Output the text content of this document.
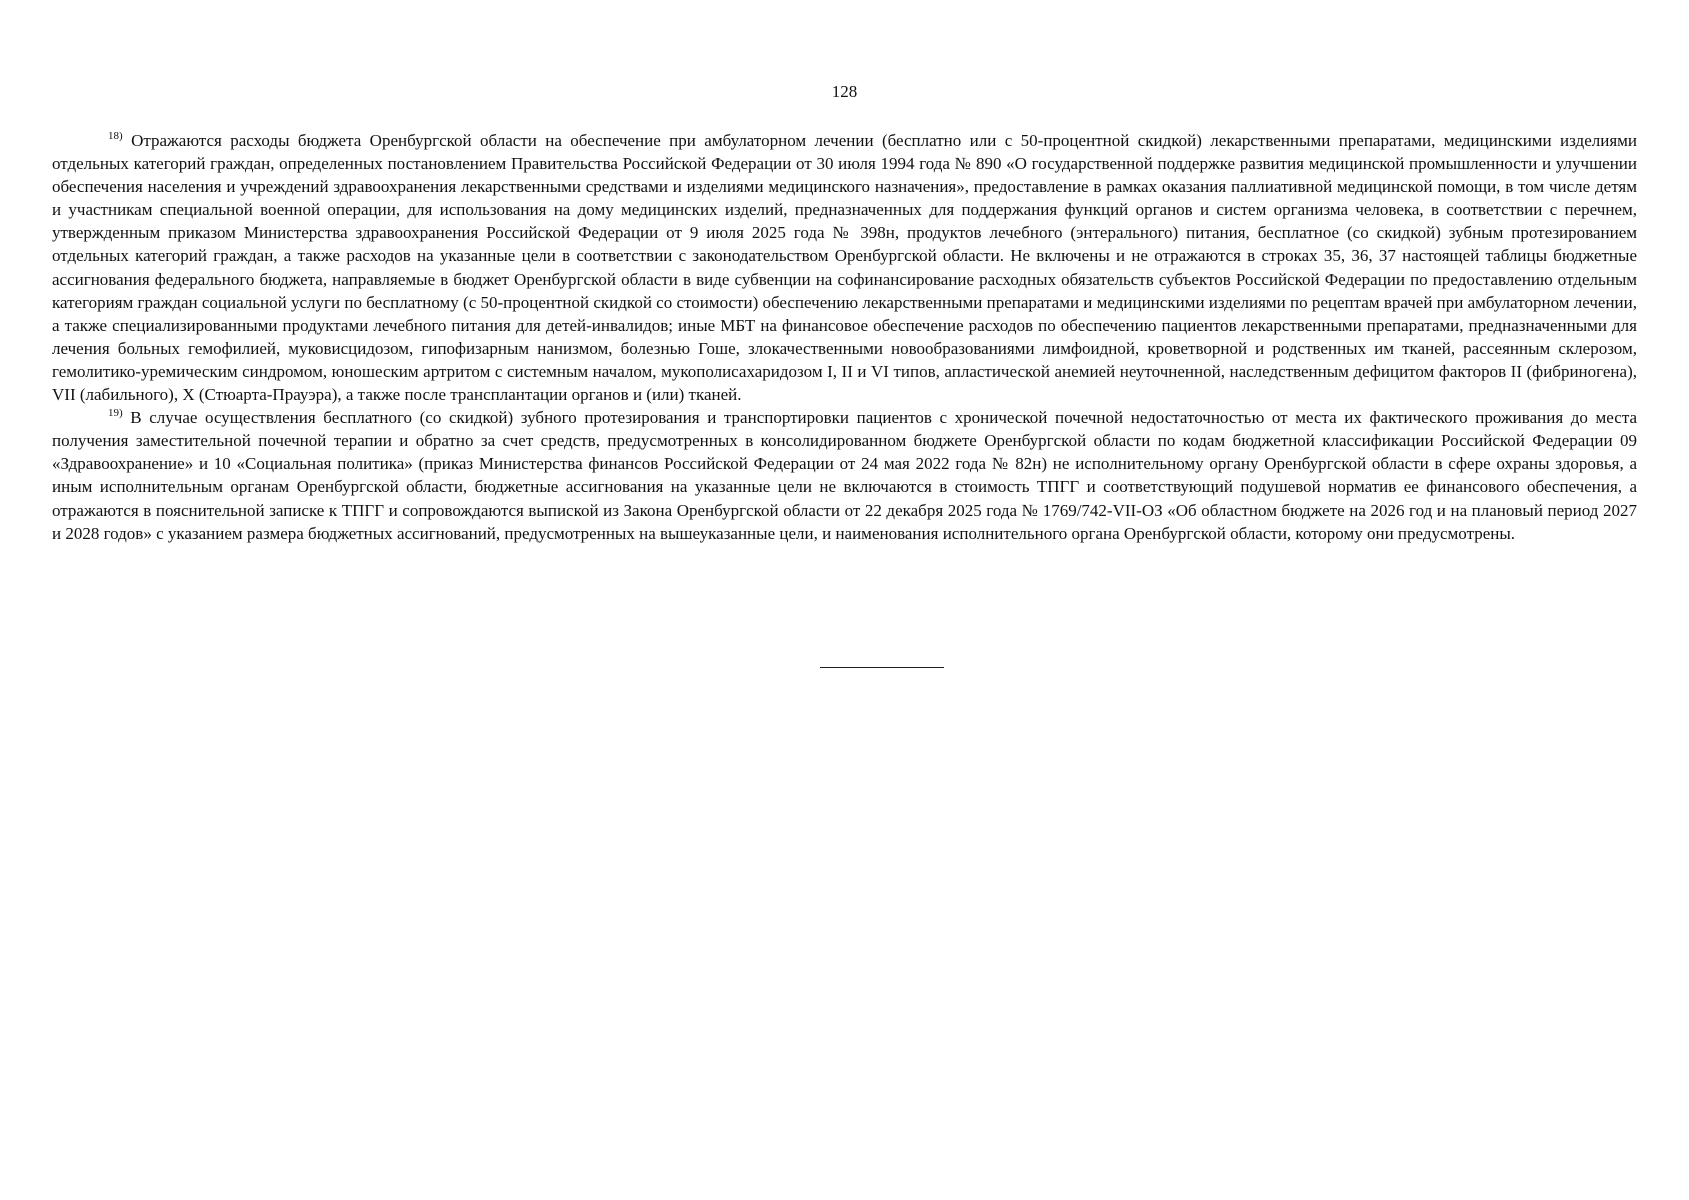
128

$^{18)}$ Отражаются расходы бюджета Оренбургской области на обеспечение при амбулаторном лечении (бесплатно или с 50-процентной скидкой) лекарственными препаратами, медицинскими изделиями отдельных категорий граждан, определенных постановлением Правительства Российской Федерации от 30 июля 1994 года № 890 «О государственной поддержке развития медицинской промышленности и улучшении обеспечения населения и учреждений здравоохранения лекарственными средствами и изделиями медицинского назначения», предоставление в рамках оказания паллиативной медицинской помощи, в том числе детям и участникам специальной военной операции, для использования на дому медицинских изделий, предназначенных для поддержания функций органов и систем организма человека, в соответствии с перечнем, утвержденным приказом Министерства здравоохранения Российской Федерации от 9 июля 2025 года № 398н, продуктов лечебного (энтерального) питания, бесплатное (со скидкой) зубным протезированием отдельных категорий граждан, а также расходов на указанные цели в соответствии с законодательством Оренбургской области. Не включены и не отражаются в строках 35, 36, 37 настоящей таблицы бюджетные ассигнования федерального бюджета, направляемые в бюджет Оренбургской области в виде субвенции на софинансирование расходных обязательств субъектов Российской Федерации по предоставлению отдельным категориям граждан социальной услуги по бесплатному (с 50-процентной скидкой со стоимости) обеспечению лекарственными препаратами и медицинскими изделиями по рецептам врачей при амбулаторном лечении, а также специализированными продуктами лечебного питания для детей-инвалидов; иные МБТ на финансовое обеспечение расходов по обеспечению пациентов лекарственными препаратами, предназначенными для лечения больных гемофилией, муковисцидозом, гипофизарным нанизмом, болезнью Гоше, злокачественными новообразованиями лимфоидной, кроветворной и родственных им тканей, рассеянным склерозом, гемолитико-уремическим синдромом, юношеским артритом с системным началом, мукополисахаридозом I, II и VI типов, апластической анемией неуточненной, наследственным дефицитом факторов II (фибриногена), VII (лабильного), X (Стюарта-Прауэра), а также после трансплантации органов и (или) тканей.

$^{19)}$ В случае осуществления бесплатного (со скидкой) зубного протезирования и транспортировки пациентов с хронической почечной недостаточностью от места их фактического проживания до места получения заместительной почечной терапии и обратно за счет средств, предусмотренных в консолидированном бюджете Оренбургской области по кодам бюджетной классификации Российской Федерации 09 «Здравоохранение» и 10 «Социальная политика» (приказ Министерства финансов Российской Федерации от 24 мая 2022 года № 82н) не исполнительному органу Оренбургской области в сфере охраны здоровья, а иным исполнительным органам Оренбургской области, бюджетные ассигнования на указанные цели не включаются в стоимость ТПГГ и соответствующий подушевой норматив ее финансового обеспечения, а отражаются в пояснительной записке к ТПГГ и сопровождаются выпиской из Закона Оренбургской области от 22 декабря 2025 года № 1769/742-VII-ОЗ «Об областном бюджете на 2026 год и на плановый период 2027 и 2028 годов» с указанием размера бюджетных ассигнований, предусмотренных на вышеуказанные цели, и наименования исполнительного органа Оренбургской области, которому они предусмотрены.
